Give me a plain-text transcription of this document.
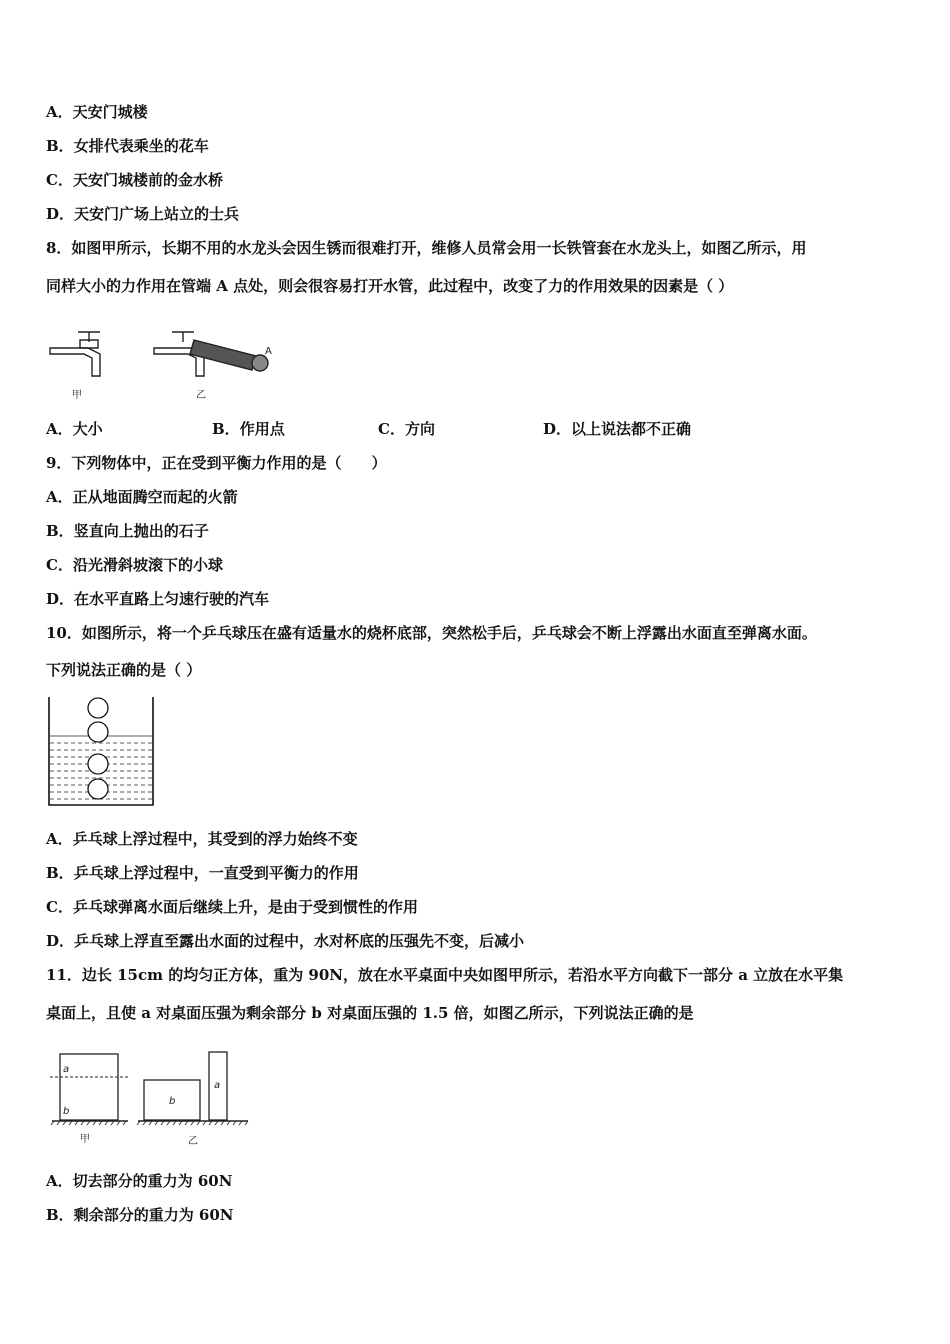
A．天安门城楼
B．女排代表乘坐的花车
C．天安门城楼前的金水桥
D．天安门广场上站立的士兵
8．如图甲所示，长期不用的水龙头会因生锈而很难打开，维修人员常会用一长铁管套在水龙头上，如图乙所示，用
同样大小的力作用在管端 A 点处，则会很容易打开水管，此过程中，改变了力的作用效果的因素是（ ）
甲
A
乙
A．大小	B．作用点	C．方向	D．以上说法都不正确
9．下列物体中，正在受到平衡力作用的是（　　）
A．正从地面腾空而起的火箭
B．竖直向上抛出的石子
C．沿光滑斜坡滚下的小球
D．在水平直路上匀速行驶的汽车
10．如图所示，将一个乒乓球压在盛有适量水的烧杯底部，突然松手后，乒乓球会不断上浮露出水面直至弹离水面。
下列说法正确的是（ ）
A．乒乓球上浮过程中，其受到的浮力始终不变
B．乒乓球上浮过程中，一直受到平衡力的作用
C．乒乓球弹离水面后继续上升，是由于受到惯性的作用
D．乒乓球上浮直至露出水面的过程中，水对杯底的压强先不变，后减小
11．边长 15cm 的均匀正方体，重为 90N，放在水平桌面中央如图甲所示，若沿水平方向截下一部分 a 立放在水平集
桌面上，且使 a 对桌面压强为剩余部分 b 对桌面压强的 1.5 倍，如图乙所示，下列说法正确的是
a
b
甲
b
a
乙
A．切去部分的重力为 60N
B．剩余部分的重力为 60N
